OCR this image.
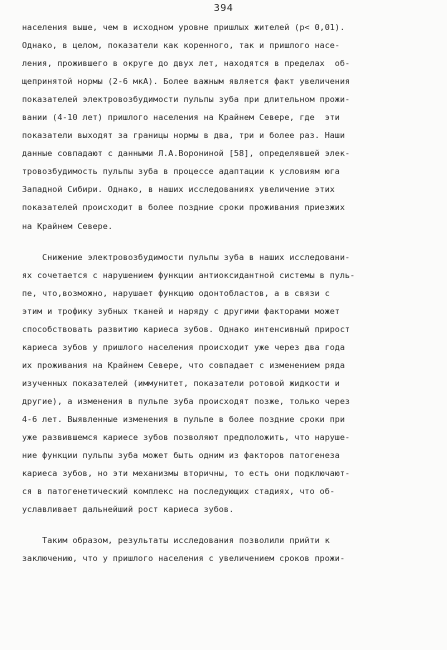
394
населения выше, чем в исходном уровне пришлых жителей (р< 0,01).
Однако, в целом, показатели как коренного, так и пришлого насе-
ления, прожившего в округе до двух лет, находятся в пределах  об-
щепринятой нормы (2-6 мкА). Более важным является факт увеличения
показателей электровозбудимости пульпы зуба при длительном прожи-
вании (4-10 лет) пришлого населения на Крайнем Севере, где  эти
показатели выходят за границы нормы в два, три и более раз. Наши
данные совпадают с данными Л.А.Ворониной [58], определявшей элек-
тровозбудимость пульпы зуба в процессе адаптации к условиям юга
Западной Сибири. Однако, в наших исследованиях увеличение этих
показателей происходит в более поздние сроки проживания приезжих
на Крайнем Севере.
Снижение электровозбудимости пульпы зуба в наших исследовани-
ях сочетается с нарушением функции антиоксидантной системы в пуль-
пе, что,возможно, нарушает функцию одонтобластов, а в связи с
этим и трофику зубных тканей и наряду с другими факторами может
способствовать развитию кариеса зубов. Однако интенсивный прирост
кариеса зубов у пришлого населения происходит уже через два года
их проживания на Крайнем Севере, что совпадает с изменением ряда
изученных показателей (иммунитет, показатели ротовой жидкости и
другие), а изменения в пульпе зуба происходят позже, только через
4-6 лет. Выявленные изменения в пульпе в более поздние сроки при
уже развившемся кариесе зубов позволяют предположить, что наруше-
ние функции пульпы зуба может быть одним из факторов патогенеза
кариеса зубов, но эти механизмы вторичны, то есть они подключают-
ся в патогенетический комплекс на последующих стадиях, что об-
уславливает дальнейший рост кариеса зубов.
Таким образом, результаты исследования позволили прийти к
заключению, что у пришлого населения с увеличением сроков прожи-
